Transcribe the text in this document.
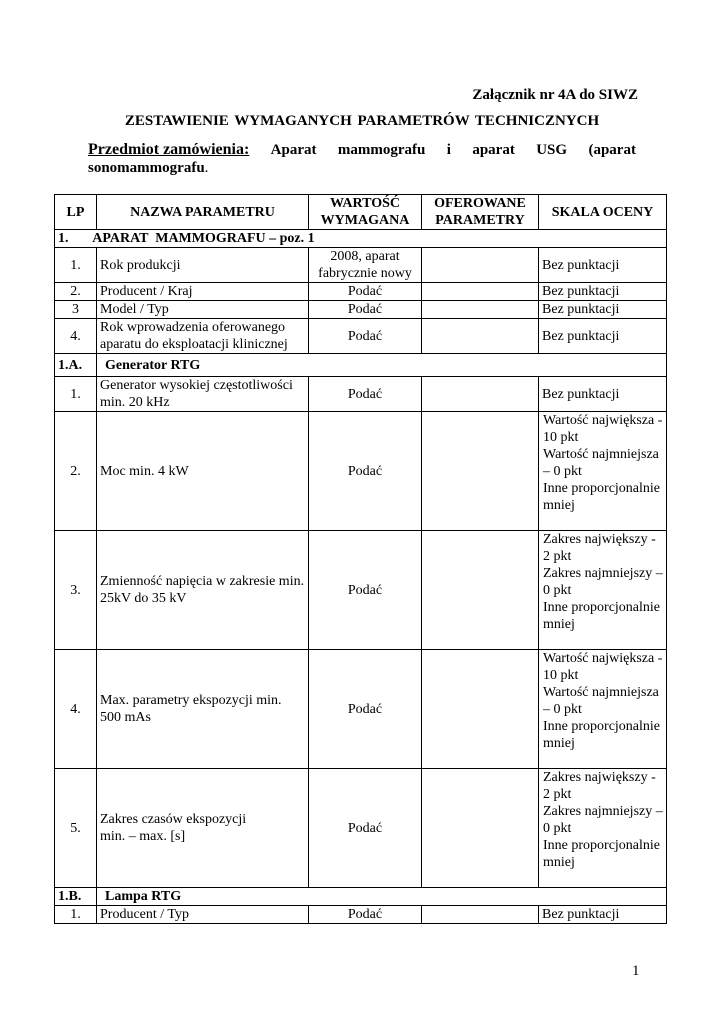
Załącznik nr 4A do SIWZ
ZESTAWIENIE WYMAGANYCH PARAMETRÓW TECHNICZNYCH
Przedmiot zamówienia: Aparat mammografu i aparat USG (aparat
sonomammografu.
LP	NAZWA PARAMETRU	WARTOŚĆ WYMAGANA	OFEROWANE PARAMETRY	SKALA OCENY
1.       APARAT  MAMMOGRAFU – poz. 1				
1.	Rok produkcji	2008, aparat fabrycznie nowy		Bez punktacji
2.	Producent / Kraj	Podać		Bez punktacji
3	Model / Typ	Podać		Bez punktacji
4.	Rok wprowadzenia oferowanego aparatu do eksploatacji klinicznej	Podać		Bez punktacji
1.A.	Generator RTG			
1.	Generator wysokiej częstotliwości min. 20 kHz	Podać		Bez punktacji
2.	Moc min. 4 kW	Podać		Wartość największa - 10 pkt
Wartość najmniejsza – 0 pkt
Inne proporcjonalnie mniej
3.	Zmienność napięcia w zakresie min. 25kV do 35 kV	Podać		Zakres największy - 2 pkt
Zakres najmniejszy – 0 pkt
Inne proporcjonalnie mniej
4.	Max. parametry ekspozycji min. 500 mAs	Podać		Wartość największa - 10 pkt
Wartość najmniejsza – 0 pkt
Inne proporcjonalnie mniej
5.	Zakres czasów ekspozycji
min. – max. [s]	Podać		Zakres największy - 2 pkt
Zakres najmniejszy – 0 pkt
Inne proporcjonalnie mniej
1.B.	Lampa RTG			
1.	Producent / Typ	Podać		Bez punktacji
1
